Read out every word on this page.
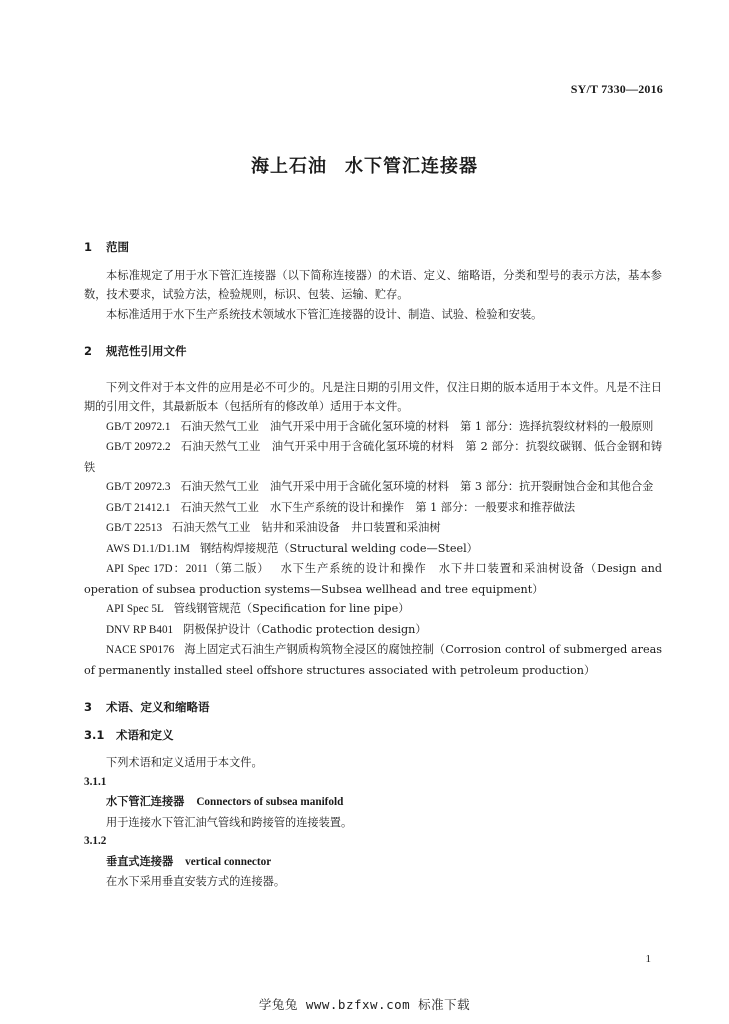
SY/T 7330—2016
海上石油 水下管汇连接器
1 范围

本标准规定了用于水下管汇连接器（以下简称连接器）的术语、定义、缩略语，分类和型号的表示方法，基本参数，技术要求，试验方法，检验规则，标识、包装、运输、贮存。

本标准适用于水下生产系统技术领域水下管汇连接器的设计、制造、试验、检验和安装。

2 规范性引用文件

下列文件对于本文件的应用是必不可少的。凡是注日期的引用文件，仅注日期的版本适用于本文件。凡是不注日期的引用文件，其最新版本（包括所有的修改单）适用于本文件。

GB/T 20972.1 石油天然气工业　油气开采中用于含硫化氢环境的材料　第 1 部分：选择抗裂纹材料的一般原则

GB/T 20972.2 石油天然气工业　油气开采中用于含硫化氢环境的材料　第 2 部分：抗裂纹碳钢、低合金钢和铸铁

GB/T 20972.3 石油天然气工业　油气开采中用于含硫化氢环境的材料　第 3 部分：抗开裂耐蚀合金和其他合金

GB/T 21412.1 石油天然气工业　水下生产系统的设计和操作　第 1 部分：一般要求和推荐做法

GB/T 22513 石油天然气工业　钻井和采油设备　井口装置和采油树

AWS D1.1/D1.1M 钢结构焊接规范（Structural welding code—Steel）

API Spec 17D：2011（第二版） 水下生产系统的设计和操作　水下井口装置和采油树设备（Design and operation of subsea production systems—Subsea wellhead and tree equipment）

API Spec 5L 管线钢管规范（Specification for line pipe）

DNV RP B401 阴极保护设计（Cathodic protection design）

NACE SP0176 海上固定式石油生产钢质构筑物全浸区的腐蚀控制（Corrosion control of submerged areas of permanently installed steel offshore structures associated with petroleum production）

3 术语、定义和缩略语
3.1 术语和定义

下列术语和定义适用于本文件。

3.1.1

水下管汇连接器 Connectors of subsea manifold

用于连接水下管汇油气管线和跨接管的连接装置。

3.1.2

垂直式连接器 vertical connector

在水下采用垂直安装方式的连接器。

1
学兔兔 www.bzfxw.com 标准下载
